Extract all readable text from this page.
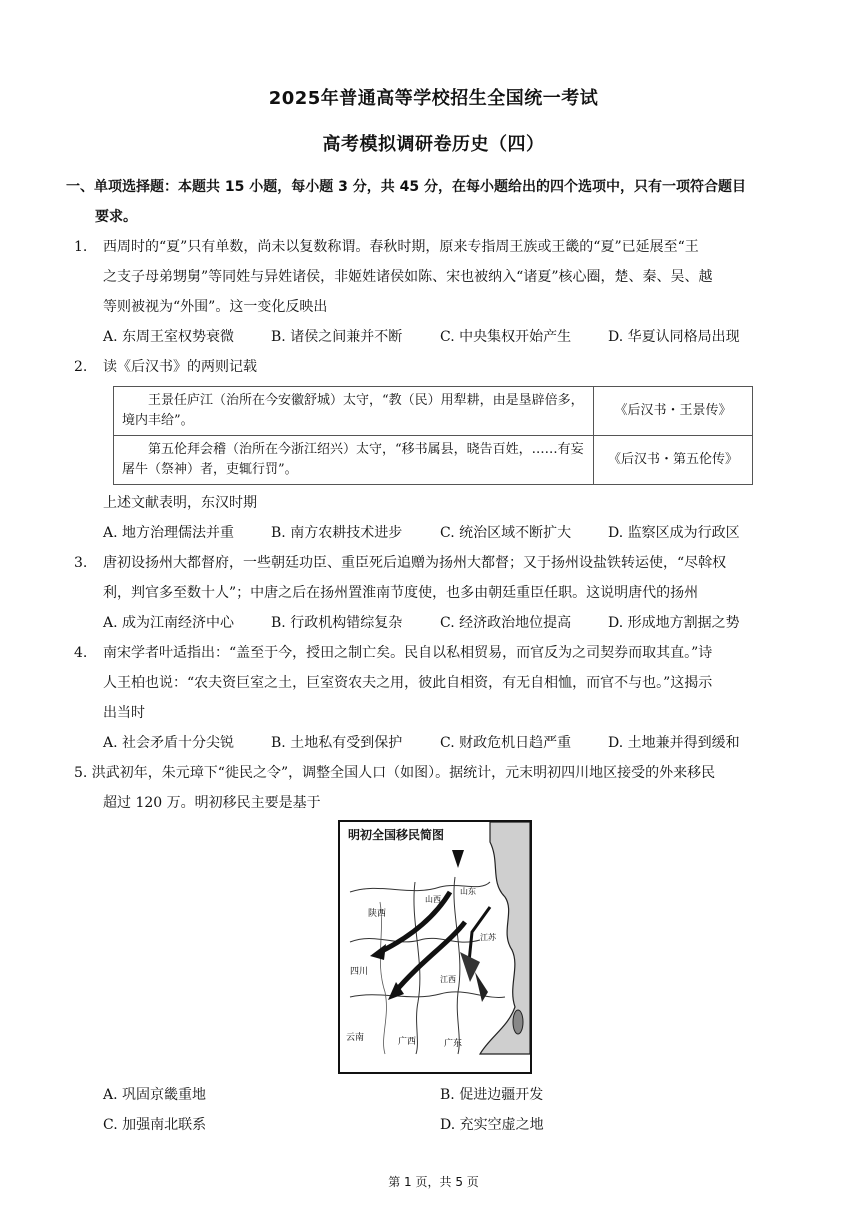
2025年普通高等学校招生全国统一考试
高考模拟调研卷历史（四）
一、单项选择题：本题共 15 小题，每小题 3 分，共 45 分，在每小题给出的四个选项中，只有一项符合题目
要求。
1. 西周时的“夏”只有单数，尚未以复数称谓。春秋时期，原来专指周王族或王畿的“夏”已延展至“王
之支子母弟甥舅”等同姓与异姓诸侯，非姬姓诸侯如陈、宋也被纳入“诸夏”核心圈，楚、秦、吴、越
等则被视为“外围”。这一变化反映出
A. 东周王室权势衰微	B. 诸侯之间兼并不断	C. 中央集权开始产生	D. 华夏认同格局出现
2. 读《后汉书》的两则记载
王景任庐江（治所在今安徽舒城）太守，“教（民）用犁耕，由是垦辟倍多，境内丰给”。	《后汉书・王景传》
第五伦拜会稽（治所在今浙江绍兴）太守，“移书属县，晓告百姓，……有妄屠牛（祭神）者，吏辄行罚”。	《后汉书・第五伦传》
上述文献表明，东汉时期
A. 地方治理儒法并重	B. 南方农耕技术进步	C. 统治区域不断扩大	D. 监察区成为行政区
3. 唐初设扬州大都督府，一些朝廷功臣、重臣死后追赠为扬州大都督；又于扬州设盐铁转运使，“尽斡权
利，判官多至数十人”；中唐之后在扬州置淮南节度使，也多由朝廷重臣任职。这说明唐代的扬州
A. 成为江南经济中心	B. 行政机构错综复杂	C. 经济政治地位提高	D. 形成地方割据之势
4. 南宋学者叶适指出：“盖至于今，授田之制亡矣。民自以私相贸易，而官反为之司契券而取其直。”诗
人王柏也说：“农夫资巨室之土，巨室资农夫之用，彼此自相资，有无自相恤，而官不与也。”这揭示
出当时
A. 社会矛盾十分尖锐	B. 土地私有受到保护	C. 财政危机日趋严重	D. 土地兼并得到缓和
5. 洪武初年，朱元璋下“徙民之令”，调整全国人口（如图）。据统计，元末明初四川地区接受的外来移民
超过 120 万。明初移民主要是基于
明初全国移民简图
陕西
四川
云南	广西	广东
山东
山西
江苏
江西
A. 巩固京畿重地	B. 促进边疆开发
C. 加强南北联系	D. 充实空虚之地
第 1 页，共 5 页
